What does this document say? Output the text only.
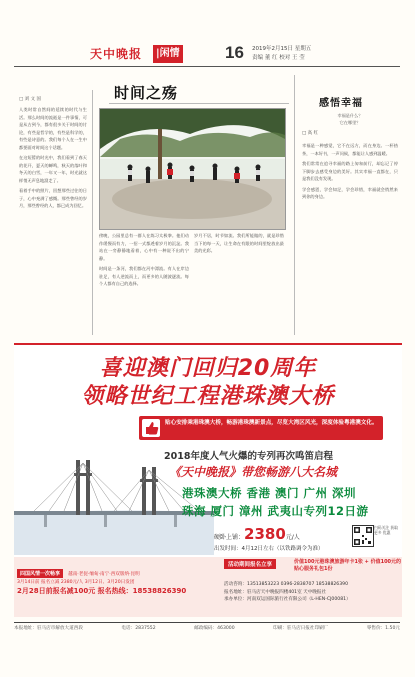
天中晚报	|闲情	16 2019年2月15日 星期五
责编 董 红 校对 王 莹
□ 刘 文 国

人类时常自然间的延续的时代与生活。那么时间的流逝是一件事情，可是从古到今，都有很多关于时间的讨论，有些是哲学的，有些是科学的，有些是诗意的。我们每个人在一生中都要面对时间这个话题。

在这短暂的时光中，我们看到了春天的花开，夏天的蝉鸣，秋天的落叶和冬天的白雪，一年又一年，时光就这样悄无声息地溜走了。

看着手中的照片，回想那些过往的日子，心中充满了感慨。那些曾经的岁月，那些曾经的人，都已成为回忆。

时间之殇

傍晚，公园里总有一群人在练习太极拳。他们动作缓慢而有力，一招一式都透着岁月的沉淀。我站在一旁静静地看着，心中有一种说不出的宁静。

时间是一条河，我们都在河中漂流。有人在岸边驻足，有人逆流而上，而更多的人随波逐流。每个人都有自己的选择。

岁月不居，时节如流。我们所能做的，就是珍惜当下的每一天，让生命在有限的时间里绽放出最美的光彩。

感悟幸福
幸福是什么？
它在哪里？
□ 高 红

幸福是一种感觉，它不在远方，而在身边。一杯热茶，一本好书，一声问候，都能让人感到温暖。

我们常常在追寻幸福的路上匆匆前行，却忘记了停下脚步去感受身边的美好。其实幸福一直都在，只是我们没有发现。

学会感恩，学会知足，学会珍惜，幸福就会悄然来到你的身边。

喜迎澳门回归20周年
领略世纪工程港珠澳大桥
贴心安排乘港珠澳大桥，畅游港珠澳新景点，尽览大湾区风光，深度体验粤港澳文化。
2018年度人气火爆的专列再次鸣笛启程
《天中晚报》带您畅游八大名城
港珠澳大桥 香港 澳门 广州 深圳
珠海 厦门 漳州 武夷山专列12日游
硬卧上铺：2380元/人
出发时间：4月12日左右（以铁路调令为准）
扫码关注 获取 更多 优惠
四国风情一次畅享 越南·老挝·缅甸·南宁·西双版纳·昆明
3月14日前 报名立减 2380元/人 3月12日、3月20日发团
2月28日前报名减100元 报名热线：18538826390
活动期间报名立享	价值100元港珠澳旅游年卡1张 + 价值100元的贴心服务礼包1份
活动咨询：13513853223 0396-2838707 18538826390
报名地址：驻马店天中晚报四楼401室 天中晚报社
承办单位：河南双运国际旅行社有限公司（L-HEN-CJ00081）
本报地址：驻马店市解放大道西段	电话：2837552	邮政编码：463000	印刷：驻马店日报社印刷厂	零售价：1.50元
